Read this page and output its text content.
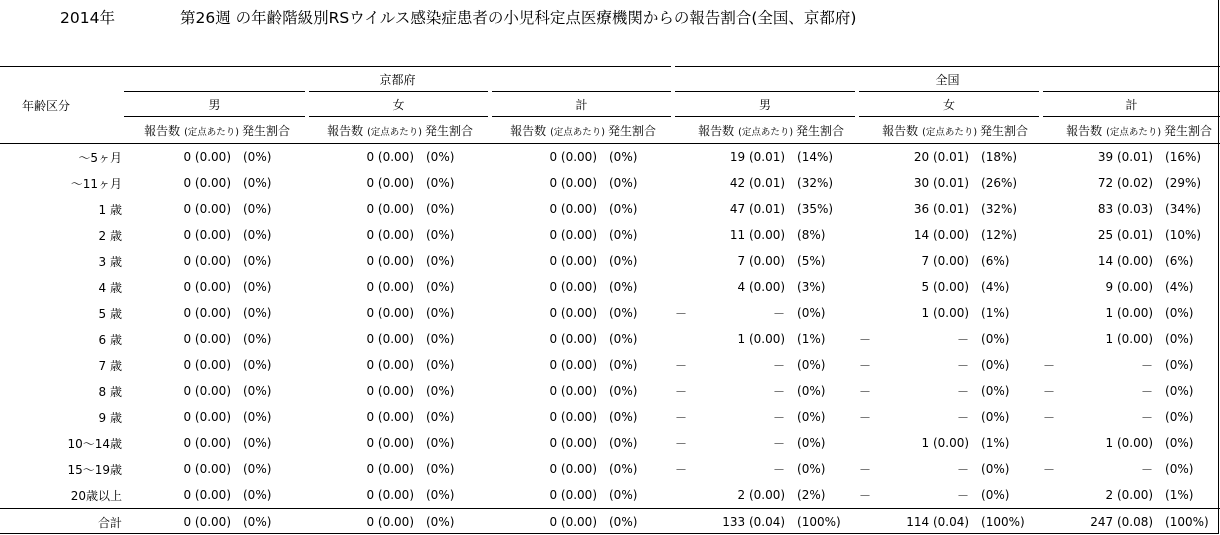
2014年	第26週 の年齢階級別RSウイルス感染症患者の小児科定点医療機関からの報告割合(全国、京都府)
年齢区分	京都府									全国								
	男			女			計			男			女			計		
		報告数 (定点あたり)	発生割合		報告数 (定点あたり)	発生割合		報告数 (定点あたり)	発生割合		報告数 (定点あたり)	発生割合		報告数 (定点あたり)	発生割合		報告数 (定点あたり)	発生割合
～5ヶ月		0 (0.00)	(0%)		0 (0.00)	(0%)		0 (0.00)	(0%)		19 (0.01)	(14%)		20 (0.01)	(18%)		39 (0.01)	(16%)
～11ヶ月		0 (0.00)	(0%)		0 (0.00)	(0%)		0 (0.00)	(0%)		42 (0.01)	(32%)		30 (0.01)	(26%)		72 (0.02)	(29%)
1 歳		0 (0.00)	(0%)		0 (0.00)	(0%)		0 (0.00)	(0%)		47 (0.01)	(35%)		36 (0.01)	(32%)		83 (0.03)	(34%)
2 歳		0 (0.00)	(0%)		0 (0.00)	(0%)		0 (0.00)	(0%)		11 (0.00)	(8%)		14 (0.00)	(12%)		25 (0.01)	(10%)
3 歳		0 (0.00)	(0%)		0 (0.00)	(0%)		0 (0.00)	(0%)		7 (0.00)	(5%)		7 (0.00)	(6%)		14 (0.00)	(6%)
4 歳		0 (0.00)	(0%)		0 (0.00)	(0%)		0 (0.00)	(0%)		4 (0.00)	(3%)		5 (0.00)	(4%)		9 (0.00)	(4%)
5 歳		0 (0.00)	(0%)		0 (0.00)	(0%)		0 (0.00)	(0%)	－	－	(0%)		1 (0.00)	(1%)		1 (0.00)	(0%)
6 歳		0 (0.00)	(0%)		0 (0.00)	(0%)		0 (0.00)	(0%)		1 (0.00)	(1%)	－	－	(0%)		1 (0.00)	(0%)
7 歳		0 (0.00)	(0%)		0 (0.00)	(0%)		0 (0.00)	(0%)	－	－	(0%)	－	－	(0%)	－	－	(0%)
8 歳		0 (0.00)	(0%)		0 (0.00)	(0%)		0 (0.00)	(0%)	－	－	(0%)	－	－	(0%)	－	－	(0%)
9 歳		0 (0.00)	(0%)		0 (0.00)	(0%)		0 (0.00)	(0%)	－	－	(0%)	－	－	(0%)	－	－	(0%)
10～14歳		0 (0.00)	(0%)		0 (0.00)	(0%)		0 (0.00)	(0%)	－	－	(0%)		1 (0.00)	(1%)		1 (0.00)	(0%)
15～19歳		0 (0.00)	(0%)		0 (0.00)	(0%)		0 (0.00)	(0%)	－	－	(0%)	－	－	(0%)	－	－	(0%)
20歳以上		0 (0.00)	(0%)		0 (0.00)	(0%)		0 (0.00)	(0%)		2 (0.00)	(2%)	－	－	(0%)		2 (0.00)	(1%)
合計		0 (0.00)	(0%)		0 (0.00)	(0%)		0 (0.00)	(0%)		133 (0.04)	(100%)		114 (0.04)	(100%)		247 (0.08)	(100%)
